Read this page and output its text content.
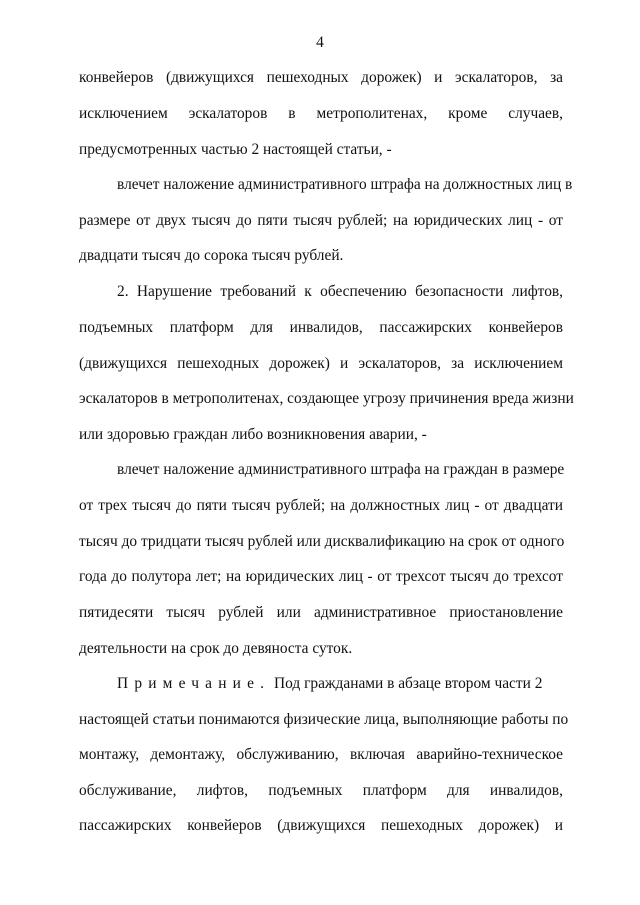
4
конвейеров (движущихся пешеходных дорожек) и эскалаторов, за
исключением эскалаторов в метрополитенах, кроме случаев,
предусмотренных частью 2 настоящей статьи, -
влечет наложение административного штрафа на должностных лиц в
размере от двух тысяч до пяти тысяч рублей; на юридических лиц - от
двадцати тысяч до сорока тысяч рублей.
2. Нарушение требований к обеспечению безопасности лифтов,
подъемных платформ для инвалидов, пассажирских конвейеров
(движущихся пешеходных дорожек) и эскалаторов, за исключением
эскалаторов в метрополитенах, создающее угрозу причинения вреда жизни
или здоровью граждан либо возникновения аварии, -
влечет наложение административного штрафа на граждан в размере
от трех тысяч до пяти тысяч рублей; на должностных лиц - от двадцати
тысяч до тридцати тысяч рублей или дисквалификацию на срок от одного
года до полутора лет; на юридических лиц - от трехсот тысяч до трехсот
пятидесяти тысяч рублей или административное приостановление
деятельности на срок до девяноста суток.
Примечание. Под гражданами в абзаце втором части 2
настоящей статьи понимаются физические лица, выполняющие работы по
монтажу, демонтажу, обслуживанию, включая аварийно-техническое
обслуживание, лифтов, подъемных платформ для инвалидов,
пассажирских конвейеров (движущихся пешеходных дорожек) и
